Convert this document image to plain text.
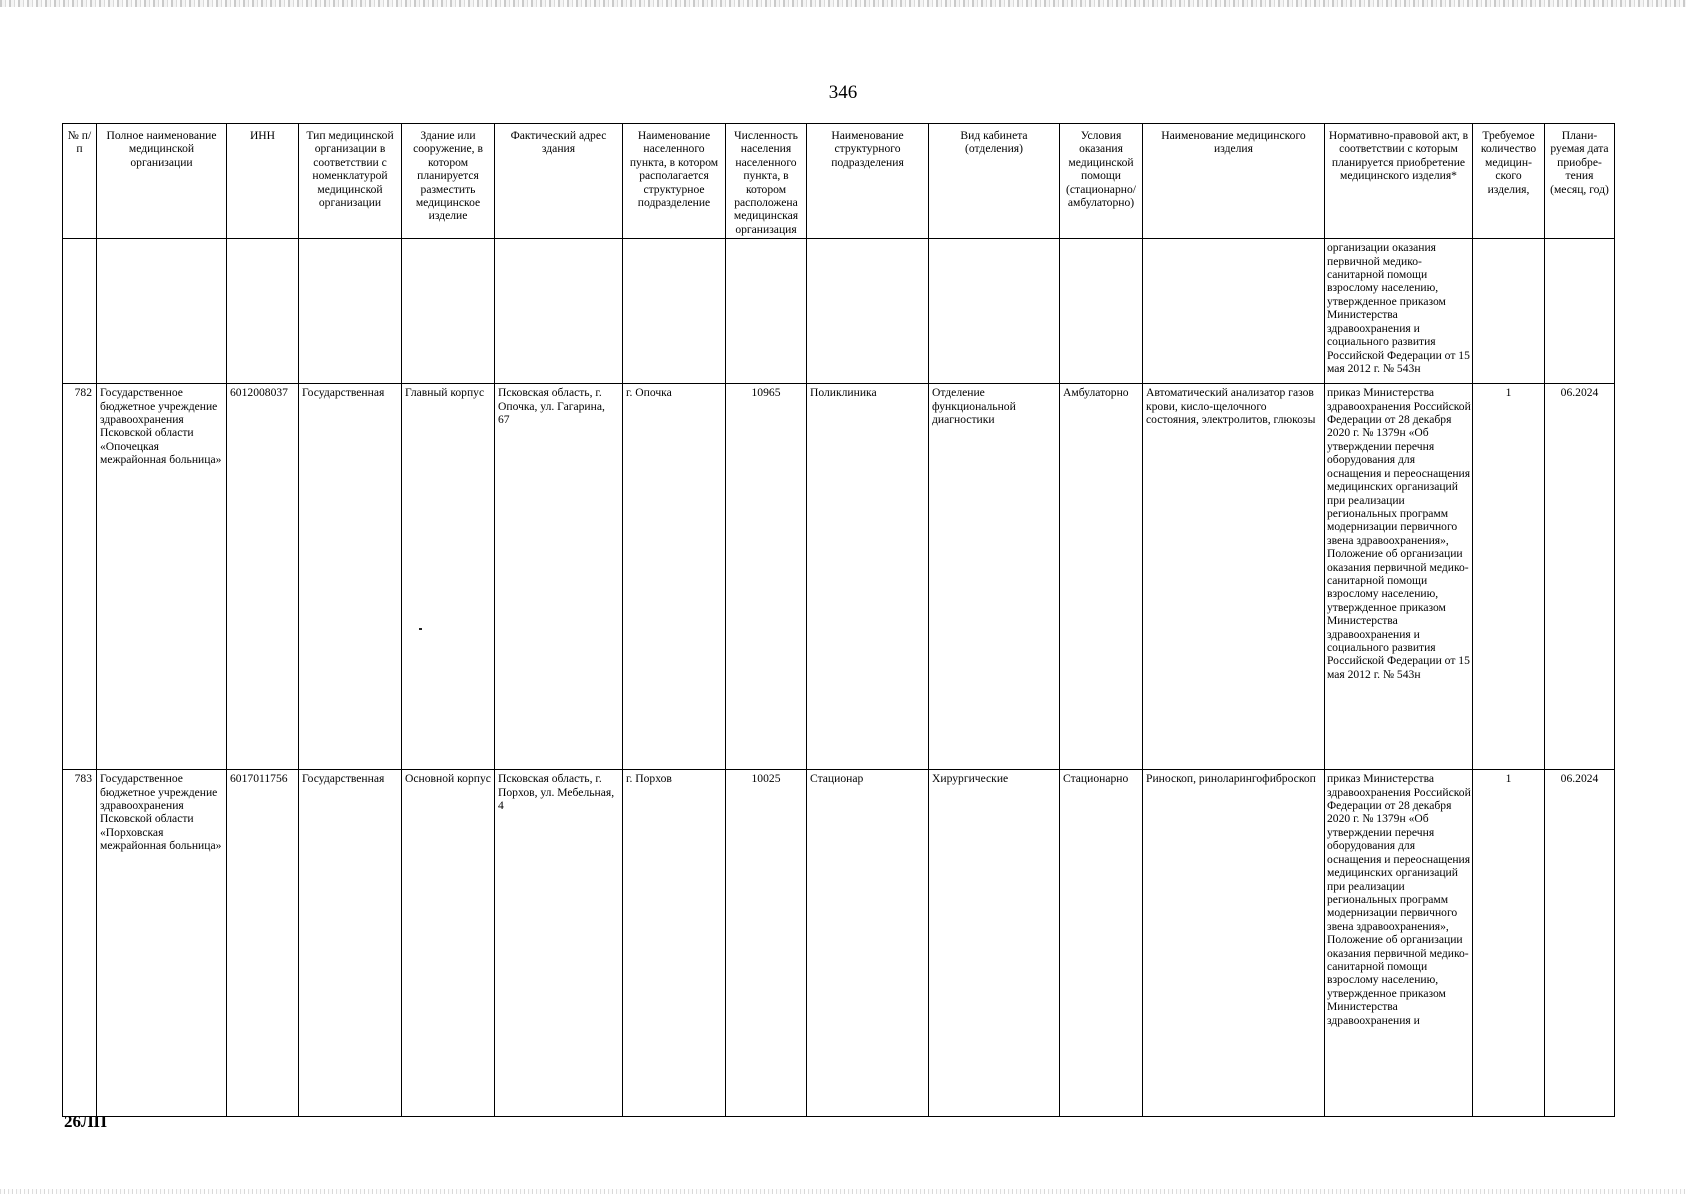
346
№ п/п	Полное наименование медицинской организации	ИНН	Тип медицинской организации в соответствии с номенклатурой медицинской организации	Здание или сооружение, в котором планируется разместить медицинское изделие	Фактический адрес здания	Наименование населенного пункта, в котором располагается структурное подразделение	Численность населения населенного пункта, в котором расположена медицинская организация	Наименование структурного подразделения	Вид кабинета (отделения)	Условия оказания медицинской помощи (стационарно/ амбулаторно)	Наименование медицинского изделия	Нормативно-правовой акт, в соответствии с которым планируется приобретение медицинского изделия*	Требуемое количество медицин-ского изделия,	Плани-руемая дата приобре-тения (месяц, год)
												организации оказания первичной медико-санитарной помощи взрослому населению, утвержденное приказом Министерства здравоохранения и социального развития Российской Федерации от 15 мая 2012 г. № 543н		
782	Государственное бюджетное учреждение здравоохранения Псковской области «Опочецкая межрайонная больница»	6012008037	Государственная	Главный корпус	Псковская область, г. Опочка, ул. Гагарина, 67	г. Опочка	10965	Поликлиника	Отделение функциональной диагностики	Амбулаторно	Автоматический анализатор газов крови, кисло-щелочного состояния, электролитов, глюкозы	приказ Министерства здравоохранения Российской Федерации от 28 декабря 2020 г. № 1379н «Об утверждении перечня оборудования для оснащения и переоснащения медицинских организаций при реализации региональных программ модернизации первичного звена здравоохранения», Положение об организации оказания первичной медико-санитарной помощи взрослому населению, утвержденное приказом Министерства здравоохранения и социального развития Российской Федерации от 15 мая 2012 г. № 543н	1	06.2024
783	Государственное бюджетное учреждение здравоохранения Псковской области «Порховская межрайонная больница»	6017011756	Государственная	Основной корпус	Псковская область, г. Порхов, ул. Мебельная, 4	г. Порхов	10025	Стационар	Хирургические	Стационарно	Риноскоп, риноларингофиброскоп	приказ Министерства здравоохранения Российской Федерации от 28 декабря 2020 г. № 1379н «Об утверждении перечня оборудования для оснащения и переоснащения медицинских организаций при реализации региональных программ модернизации первичного звена здравоохранения», Положение об организации оказания первичной медико-санитарной помощи взрослому населению, утвержденное приказом Министерства здравоохранения и	1	06.2024
26ЛП
